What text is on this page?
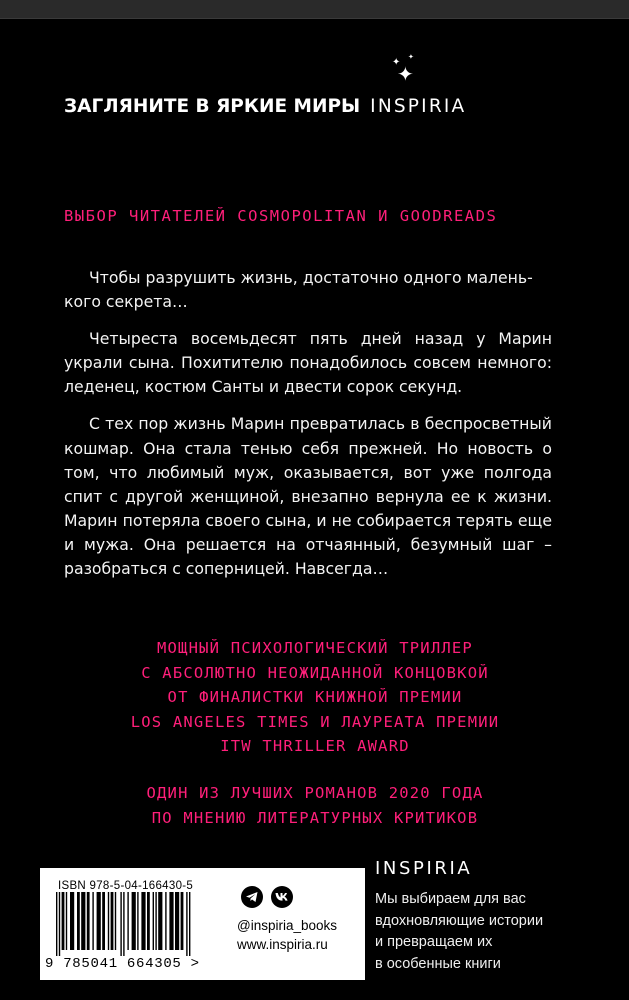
✦
✦ ✦
ЗАГЛЯНИТЕ В ЯРКИЕ МИРЫ INSPIRIA
ВЫБОР ЧИТАТЕЛЕЙ COSMOPOLITAN И GOODREADS

Чтобы разрушить жизнь, достаточно одного малень-кого секрета…

Четыреста восемьдесят пять дней назад у Марин украли сына. Похитителю понадобилось совсем немного: леденец, костюм Санты и двести сорок секунд.

С тех пор жизнь Марин превратилась в беспросветный кошмар. Она стала тенью себя прежней. Но новость о том, что любимый муж, оказывается, вот уже полгода спит с другой женщиной, внезапно вернула ее к жизни. Марин потеряла своего сына, и не собирается терять еще и мужа. Она решается на отчаянный, безумный шаг – разобраться с соперницей. Навсегда…

МОЩНЫЙ ПСИХОЛОГИЧЕСКИЙ ТРИЛЛЕР
С АБСОЛЮТНО НЕОЖИДАННОЙ КОНЦОВКОЙ
ОТ ФИНАЛИСТКИ КНИЖНОЙ ПРЕМИИ
LOS ANGELES TIMES И ЛАУРЕАТА ПРЕМИИ
ITW THRILLER AWARD
ОДИН ИЗ ЛУЧШИХ РОМАНОВ 2020 ГОДА
ПО МНЕНИЮ ЛИТЕРАТУРНЫХ КРИТИКОВ
ISBN 978-5-04-166430-5
9 785041 664305 >
@inspiria_books
www.inspiria.ru
INSPIRIA
Мы выбираем для вас
вдохновляющие истории
и превращаем их
в особенные книги
